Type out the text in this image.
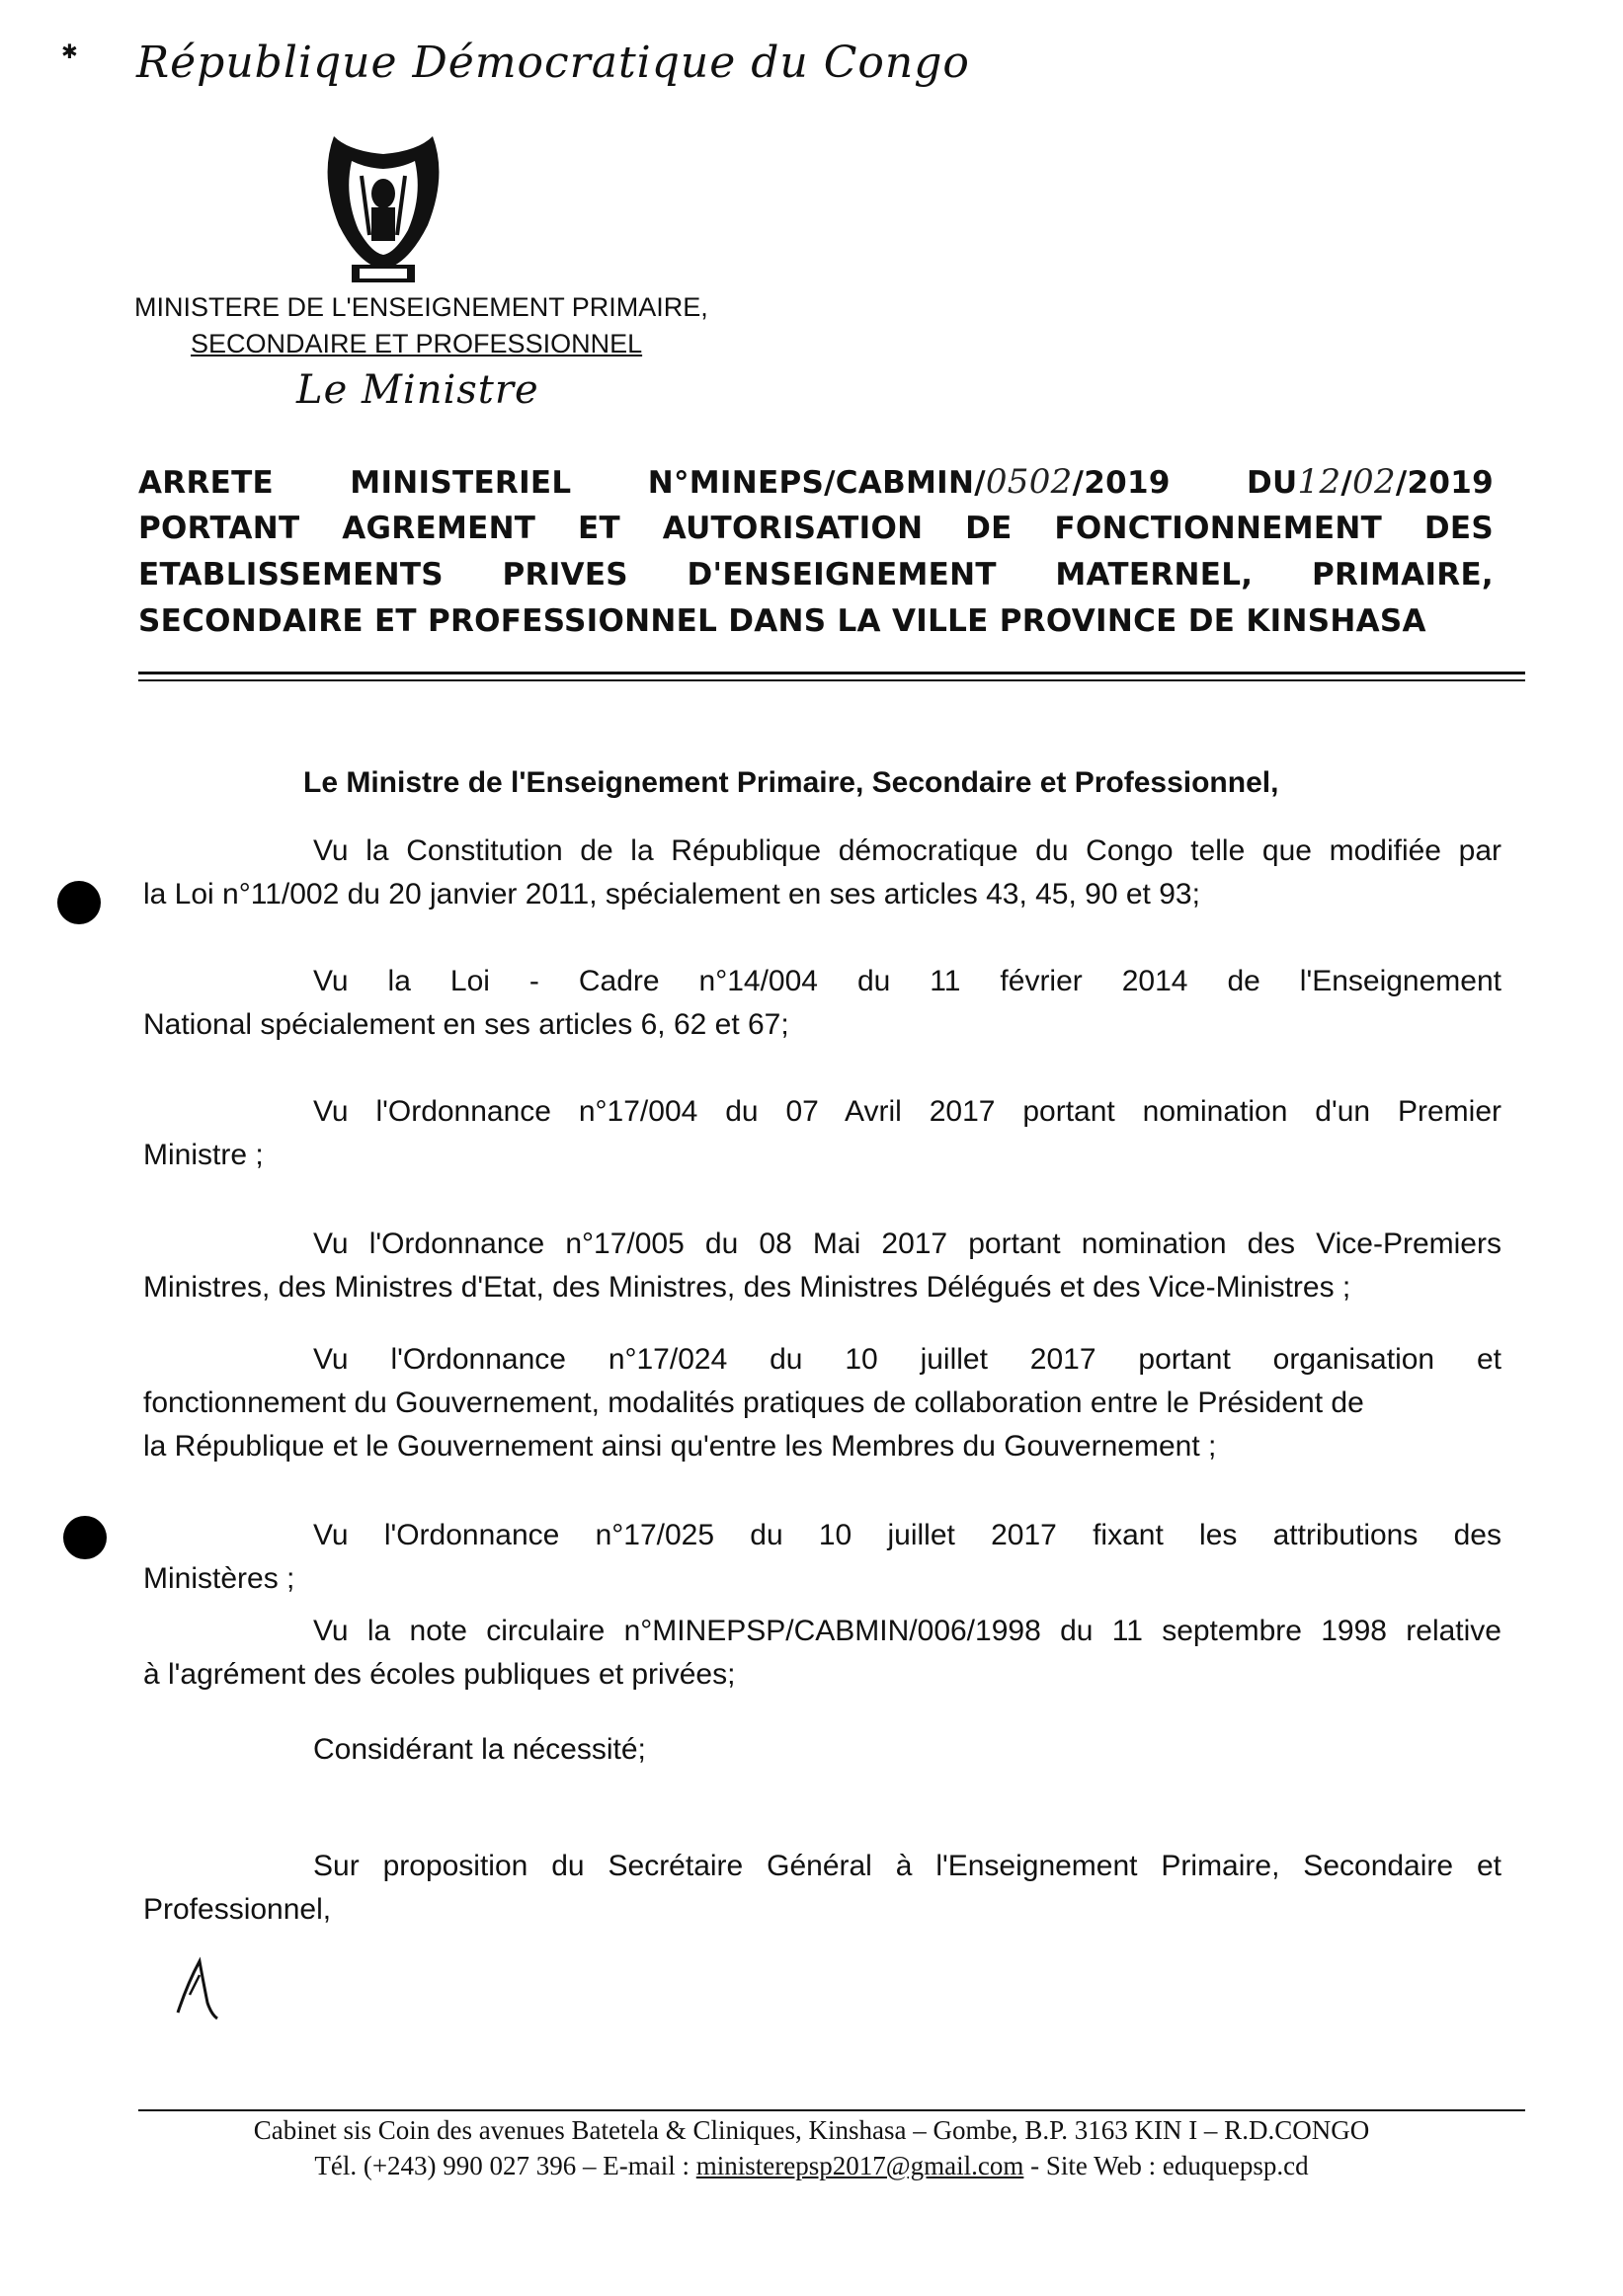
✱ République Démocratique du Congo
MINISTERE DE L'ENSEIGNEMENT PRIMAIRE,
SECONDAIRE ET PROFESSIONNEL
Le Ministre
ARRETE MINISTERIEL N°MINEPS/CABMIN/0502/2019 DU12/02/2019
PORTANT AGREMENT ET AUTORISATION DE FONCTIONNEMENT DES
ETABLISSEMENTS PRIVES D'ENSEIGNEMENT MATERNEL, PRIMAIRE,
SECONDAIRE ET PROFESSIONNEL DANS LA VILLE PROVINCE DE KINSHASA
Le Ministre de l'Enseignement Primaire, Secondaire et Professionnel,
Vu la Constitution de la République démocratique du Congo telle que modifiée par
la Loi n°11/002 du 20 janvier 2011, spécialement en ses articles 43, 45, 90 et 93;
Vu la Loi - Cadre n°14/004 du 11 février 2014 de l'Enseignement
National spécialement en ses articles 6, 62 et 67;
Vu l'Ordonnance n°17/004 du 07 Avril 2017 portant nomination d'un Premier
Ministre ;
Vu l'Ordonnance n°17/005 du 08 Mai 2017 portant nomination des Vice-Premiers
Ministres, des Ministres d'Etat, des Ministres, des Ministres Délégués et des Vice-Ministres ;
Vu l'Ordonnance n°17/024 du 10 juillet 2017 portant organisation et
fonctionnement du Gouvernement, modalités pratiques de collaboration entre le Président de
la République et le Gouvernement ainsi qu'entre les Membres du Gouvernement ;
Vu l'Ordonnance n°17/025 du 10 juillet 2017 fixant les attributions des
Ministères ;
Vu la note circulaire n°MINEPSP/CABMIN/006/1998 du 11 septembre 1998 relative
à l'agrément des écoles publiques et privées;
Considérant la nécessité;
Sur proposition du Secrétaire Général à l'Enseignement Primaire, Secondaire et
Professionnel,
Cabinet sis Coin des avenues Batetela & Cliniques, Kinshasa – Gombe, B.P. 3163 KIN I – R.D.CONGO
Tél. (+243) 990 027 396 – E-mail : ministerepsp2017@gmail.com - Site Web : eduquepsp.cd
